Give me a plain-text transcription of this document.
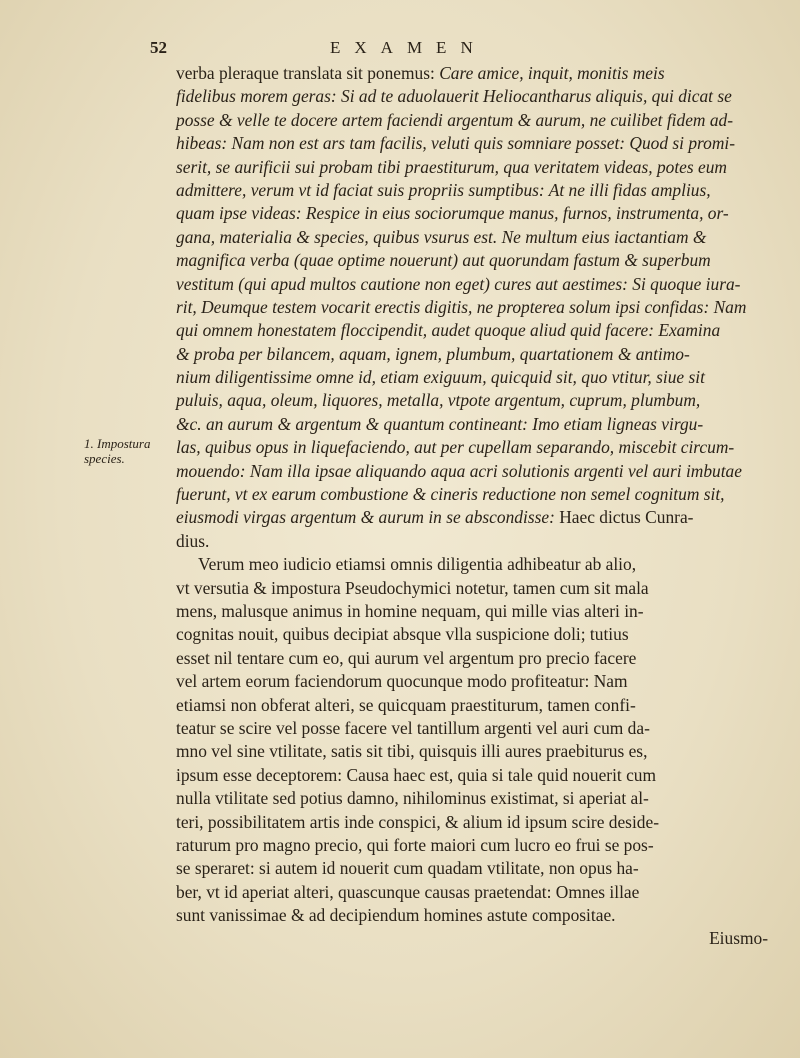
52	EXAMEN
1. Impostura
species.
verba pleraque translata sit ponemus: Care amice, inquit, monitis meis
fidelibus morem geras: Si ad te aduolauerit Heliocantharus aliquis, qui dicat se
posse & velle te docere artem faciendi argentum & aurum, ne cuilibet fidem ad-
hibeas: Nam non est ars tam facilis, veluti quis somniare posset: Quod si promi-
serit, se aurificii sui probam tibi praestiturum, qua veritatem videas, potes eum
admittere, verum vt id faciat suis propriis sumptibus: At ne illi fidas amplius,
quam ipse videas: Respice in eius sociorumque manus, furnos, instrumenta, or-
gana, materialia & species, quibus vsurus est. Ne multum eius iactantiam &
magnifica verba (quae optime nouerunt) aut quorundam fastum & superbum
vestitum (qui apud multos cautione non eget) cures aut aestimes: Si quoque iura-
rit, Deumque testem vocarit erectis digitis, ne propterea solum ipsi confidas: Nam
qui omnem honestatem floccipendit, audet quoque aliud quid facere: Examina
& proba per bilancem, aquam, ignem, plumbum, quartationem & antimo-
nium diligentissime omne id, etiam exiguum, quicquid sit, quo vtitur, siue sit
puluis, aqua, oleum, liquores, metalla, vtpote argentum, cuprum, plumbum,
&c. an aurum & argentum & quantum contineant: Imo etiam ligneas virgu-
las, quibus opus in liquefaciendo, aut per cupellam separando, miscebit circum-
mouendo: Nam illa ipsae aliquando aqua acri solutionis argenti vel auri imbutae
fuerunt, vt ex earum combustione & cineris reductione non semel cognitum sit,
eiusmodi virgas argentum & aurum in se abscondisse: Haec dictus Cunra-
dius.
Verum meo iudicio etiamsi omnis diligentia adhibeatur ab alio,
vt versutia & impostura Pseudochymici notetur, tamen cum sit mala
mens, malusque animus in homine nequam, qui mille vias alteri in-
cognitas nouit, quibus decipiat absque vlla suspicione doli; tutius
esset nil tentare cum eo, qui aurum vel argentum pro precio facere
vel artem eorum faciendorum quocunque modo profiteatur: Nam
etiamsi non obferat alteri, se quicquam praestiturum, tamen confi-
teatur se scire vel posse facere vel tantillum argenti vel auri cum da-
mno vel sine vtilitate, satis sit tibi, quisquis illi aures praebiturus es,
ipsum esse deceptorem: Causa haec est, quia si tale quid nouerit cum
nulla vtilitate sed potius damno, nihilominus existimat, si aperiat al-
teri, possibilitatem artis inde conspici, & alium id ipsum scire deside-
raturum pro magno precio, qui forte maiori cum lucro eo frui se pos-
se speraret: si autem id nouerit cum quadam vtilitate, non opus ha-
ber, vt id aperiat alteri, quascunque causas praetendat: Omnes illae
sunt vanissimae & ad decipiendum homines astute compositae.
Eiusmo-
